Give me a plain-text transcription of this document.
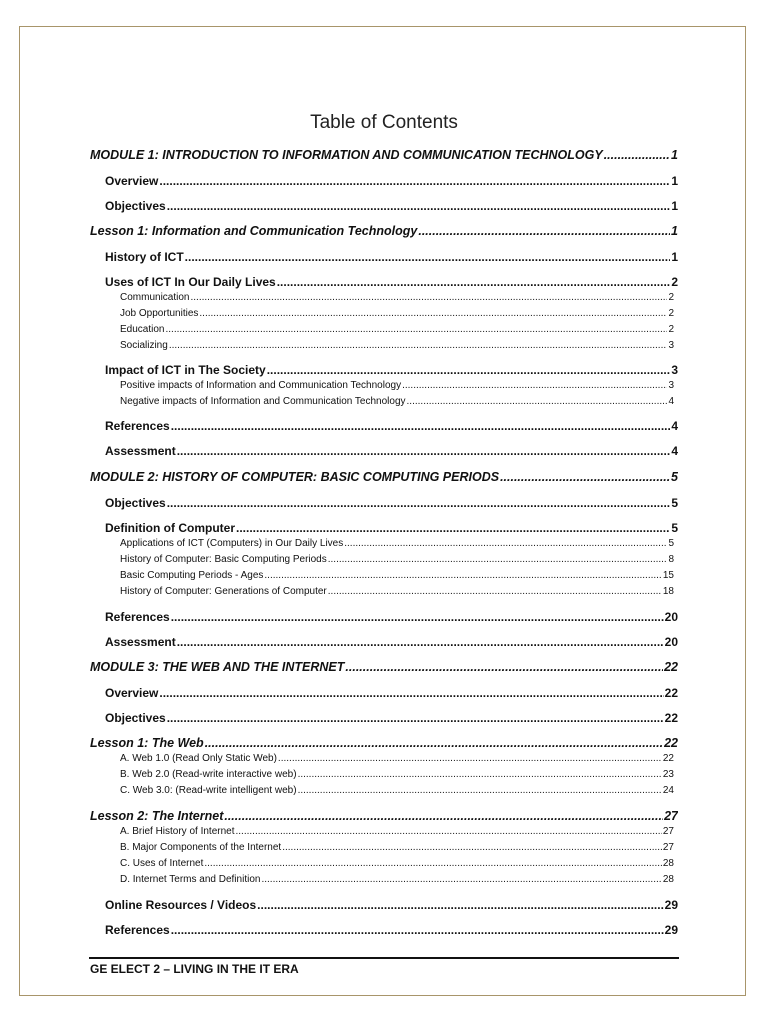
Table of Contents
MODULE 1: INTRODUCTION TO INFORMATION AND COMMUNICATION TECHNOLOGY .....	1
Overview .....	1
Objectives .....	1
Lesson 1: Information and Communication Technology .....	1
History of ICT .....	1
Uses of ICT In Our Daily Lives .....	2
Communication .....	2
Job Opportunities .....	2
Education .....	2
Socializing .....	3
Impact of ICT in The Society .....	3
Positive impacts of Information and Communication Technology .....	3
Negative impacts of Information and Communication Technology .....	4
References .....	4
Assessment .....	4
MODULE 2: HISTORY OF COMPUTER: BASIC COMPUTING PERIODS .....	5
Objectives .....	5
Definition of Computer .....	5
Applications of ICT (Computers) in Our Daily Lives .....	5
History of Computer: Basic Computing Periods .....	8
Basic Computing Periods - Ages .....	15
History of Computer: Generations of Computer .....	18
References .....	20
Assessment .....	20
MODULE 3: THE WEB AND THE INTERNET .....	22
Overview .....	22
Objectives .....	22
Lesson 1: The Web .....	22
A. Web 1.0 (Read Only Static Web) .....	22
B. Web 2.0 (Read-write interactive web) .....	23
C. Web 3.0: (Read-write intelligent web) .....	24
Lesson 2: The Internet .....	27
A. Brief History of Internet .....	27
B. Major Components of the Internet .....	27
C. Uses of Internet .....	28
D. Internet Terms and Definition .....	28
Online Resources / Videos .....	29
References .....	29
GE ELECT 2 – LIVING IN THE IT ERA
